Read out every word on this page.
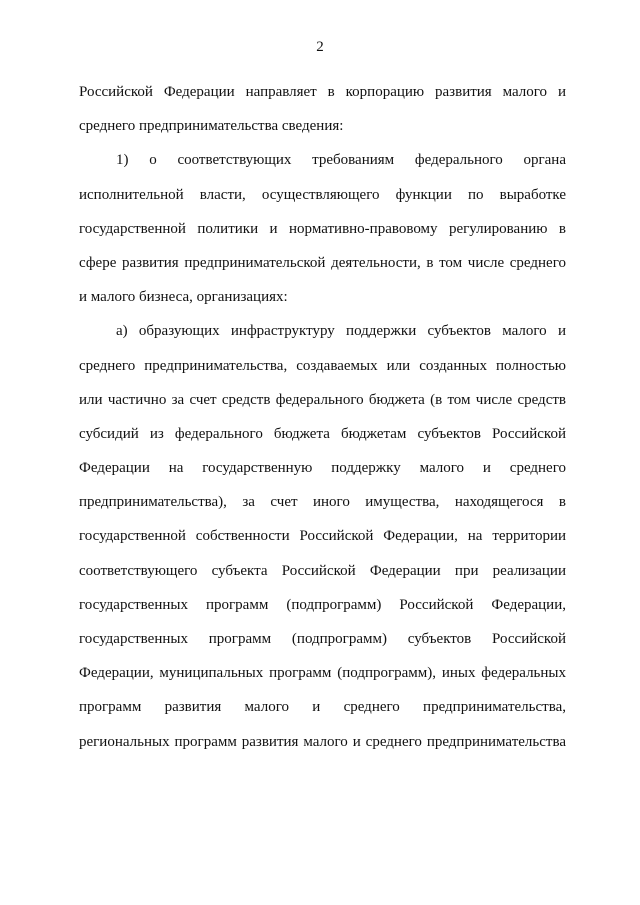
2
Российской Федерации направляет в корпорацию развития малого и
среднего предпринимательства сведения:
1) о соответствующих требованиям федерального органа
исполнительной власти, осуществляющего функции по выработке
государственной политики и нормативно-правовому регулированию в
сфере развития предпринимательской деятельности, в том числе среднего
и малого бизнеса, организациях:
а) образующих инфраструктуру поддержки субъектов малого и
среднего предпринимательства, создаваемых или созданных полностью
или частично за счет средств федерального бюджета (в том числе средств
субсидий из федерального бюджета бюджетам субъектов Российской
Федерации на государственную поддержку малого и среднего
предпринимательства), за счет иного имущества, находящегося в
государственной собственности Российской Федерации, на территории
соответствующего субъекта Российской Федерации при реализации
государственных программ (подпрограмм) Российской Федерации,
государственных программ (подпрограмм) субъектов Российской
Федерации, муниципальных программ (подпрограмм), иных федеральных
программ развития малого и среднего предпринимательства,
региональных программ развития малого и среднего предпринимательства
